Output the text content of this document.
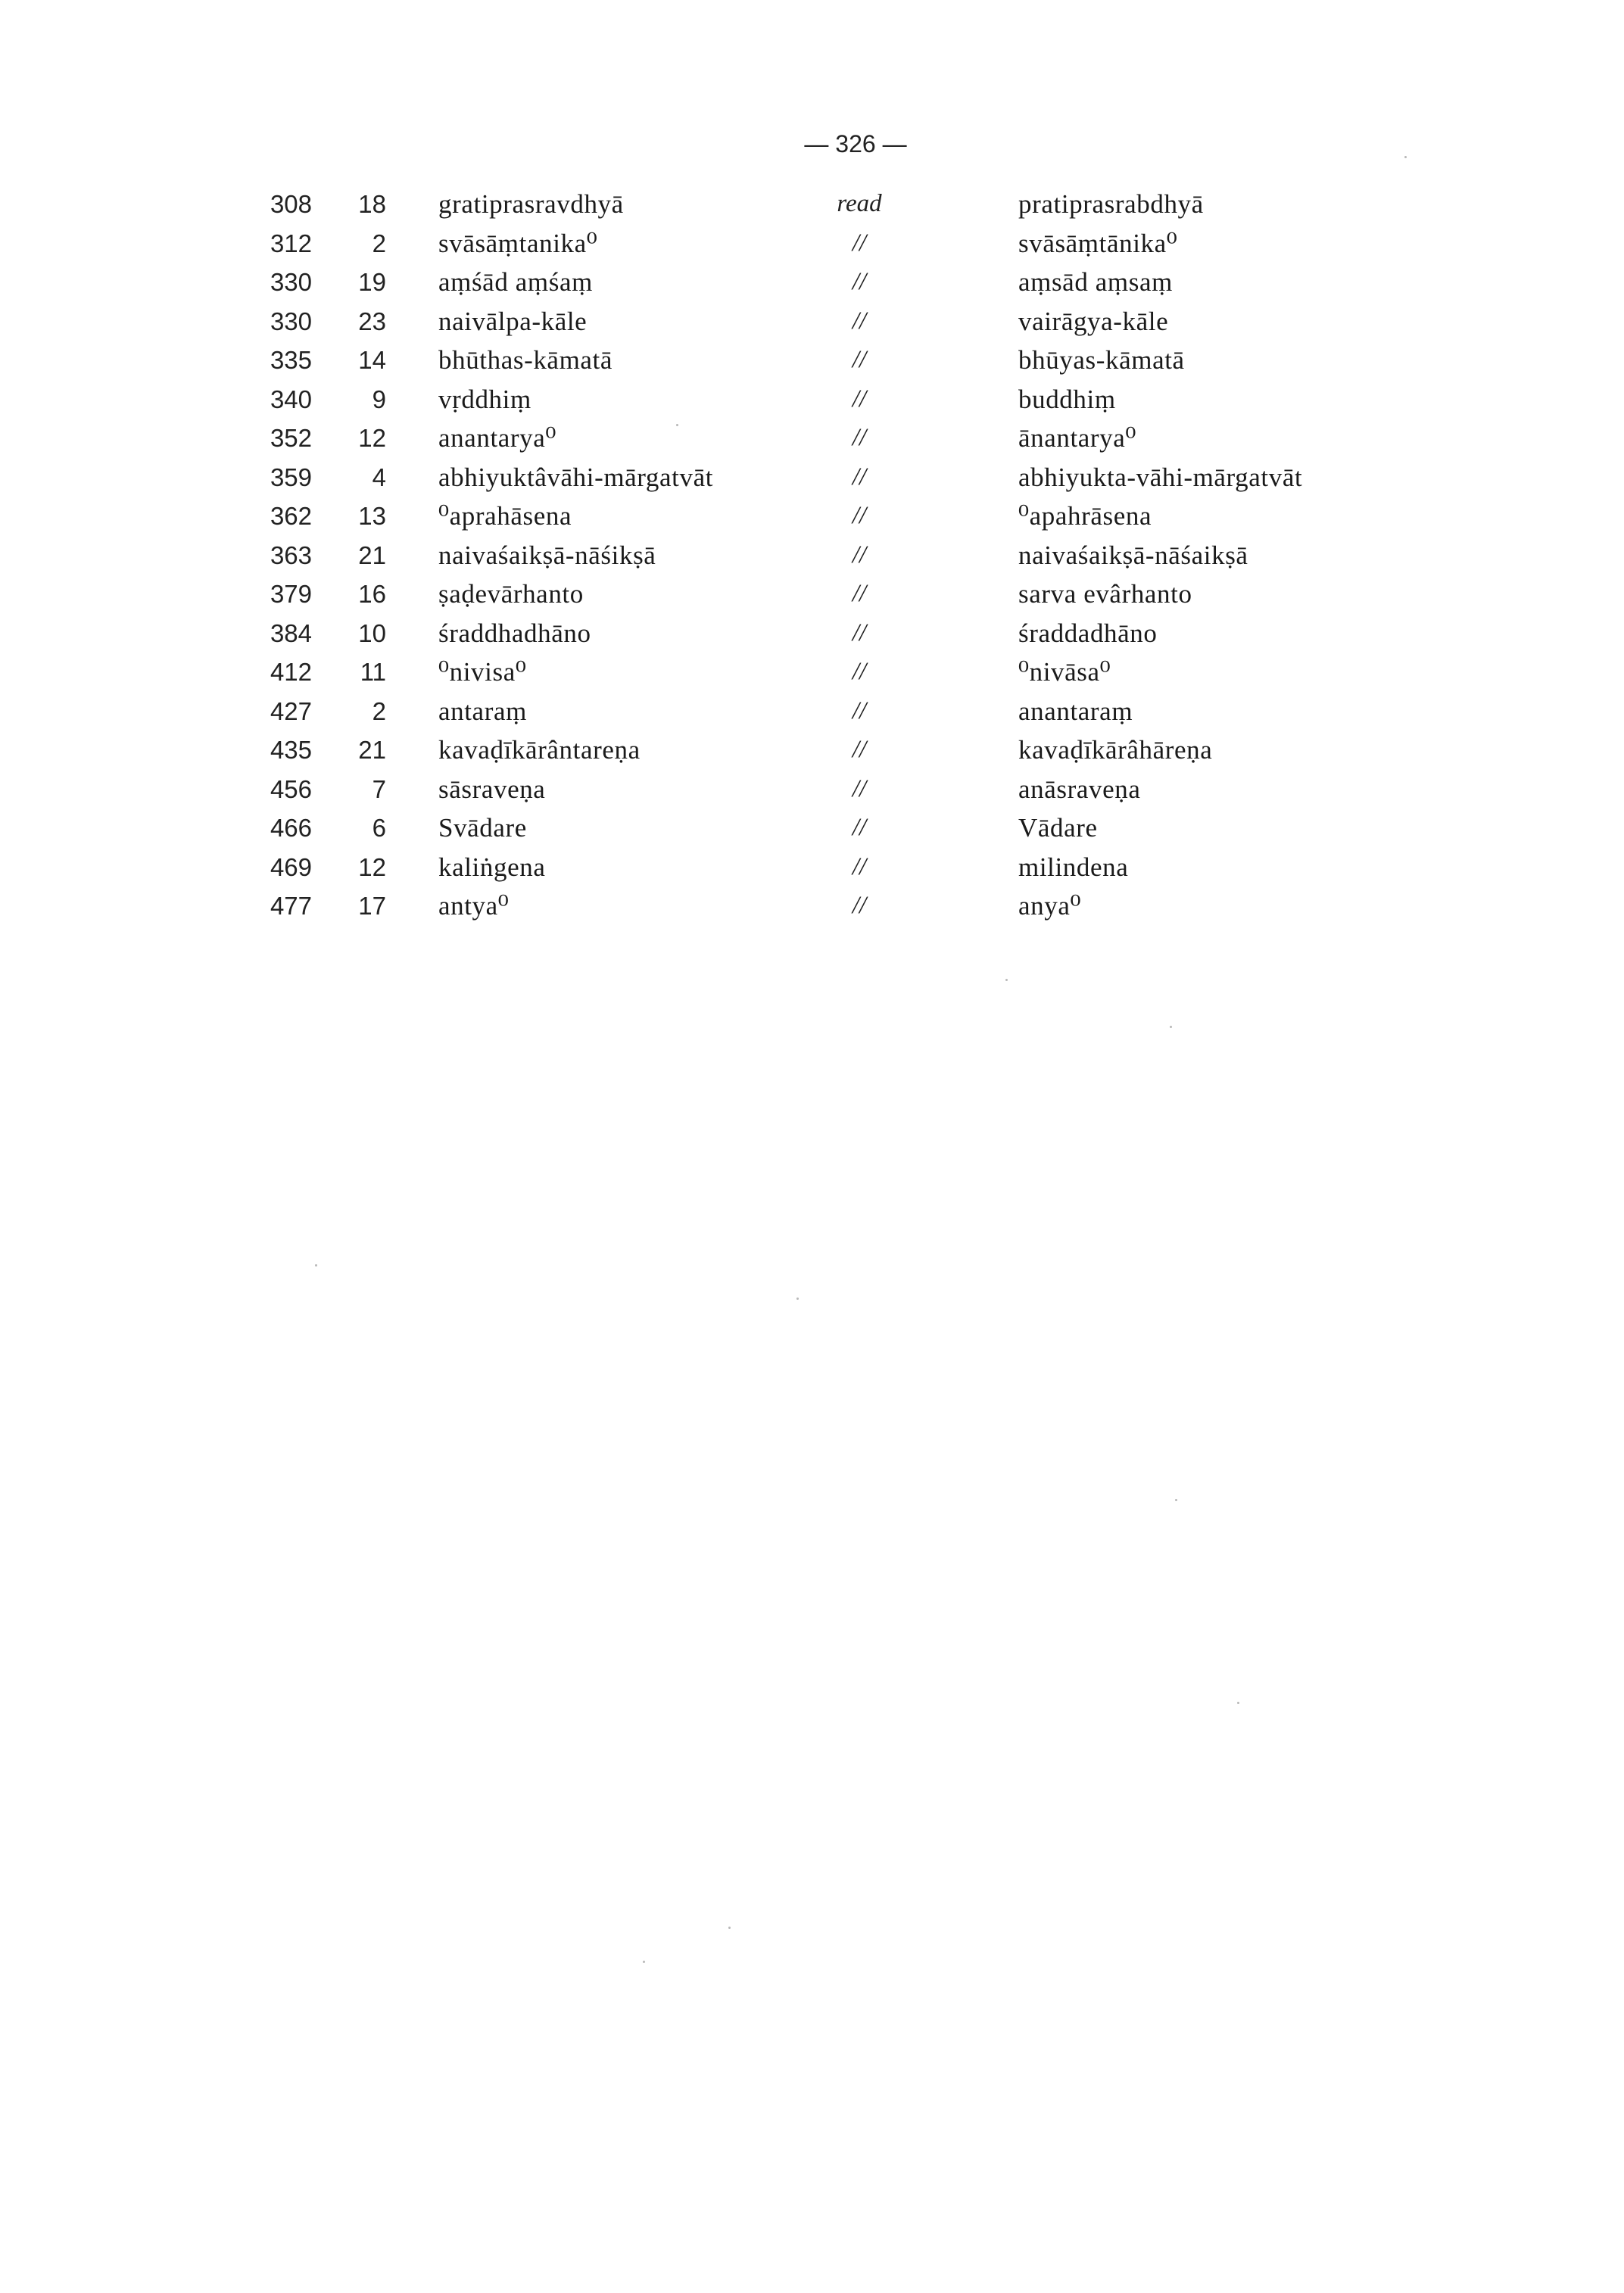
— 326 —
308	18 gratiprasravdhyā	read	pratiprasrabdhyā
312	2 svāsāṃtanika⁰	//	svāsāṃtānika⁰
330	19 aṃśād aṃśaṃ	//	aṃsād aṃsaṃ
330	23 naivālpa-kāle	//	vairāgya-kāle
335	14 bhūthas-kāmatā	//	bhūyas-kāmatā
340	9 vṛddhiṃ	//	buddhiṃ
352	12 anantarya⁰	//	ānantarya⁰
359	4 abhiyuktâvāhi-mārgatvāt	//	abhiyukta-vāhi-mārgatvāt
362	13 ⁰aprahāsena	//	⁰apahrāsena
363	21 naivaśaikṣā-nāśikṣā	//	naivaśaikṣā-nāśaikṣā
379	16 ṣaḍevārhanto	//	sarva evârhanto
384	10 śraddhadhāno	//	śraddadhāno
412	11 ⁰nivisa⁰	//	⁰nivāsa⁰
427	2 antaraṃ	//	anantaraṃ
435	21 kavaḍīkārântareṇa	//	kavaḍīkārâhāreṇa
456	7 sāsraveṇa	//	anāsraveṇa
466	6 Svādare	//	Vādare
469	12 kaliṅgena	//	milindena
477	17 antya⁰	//	anya⁰
